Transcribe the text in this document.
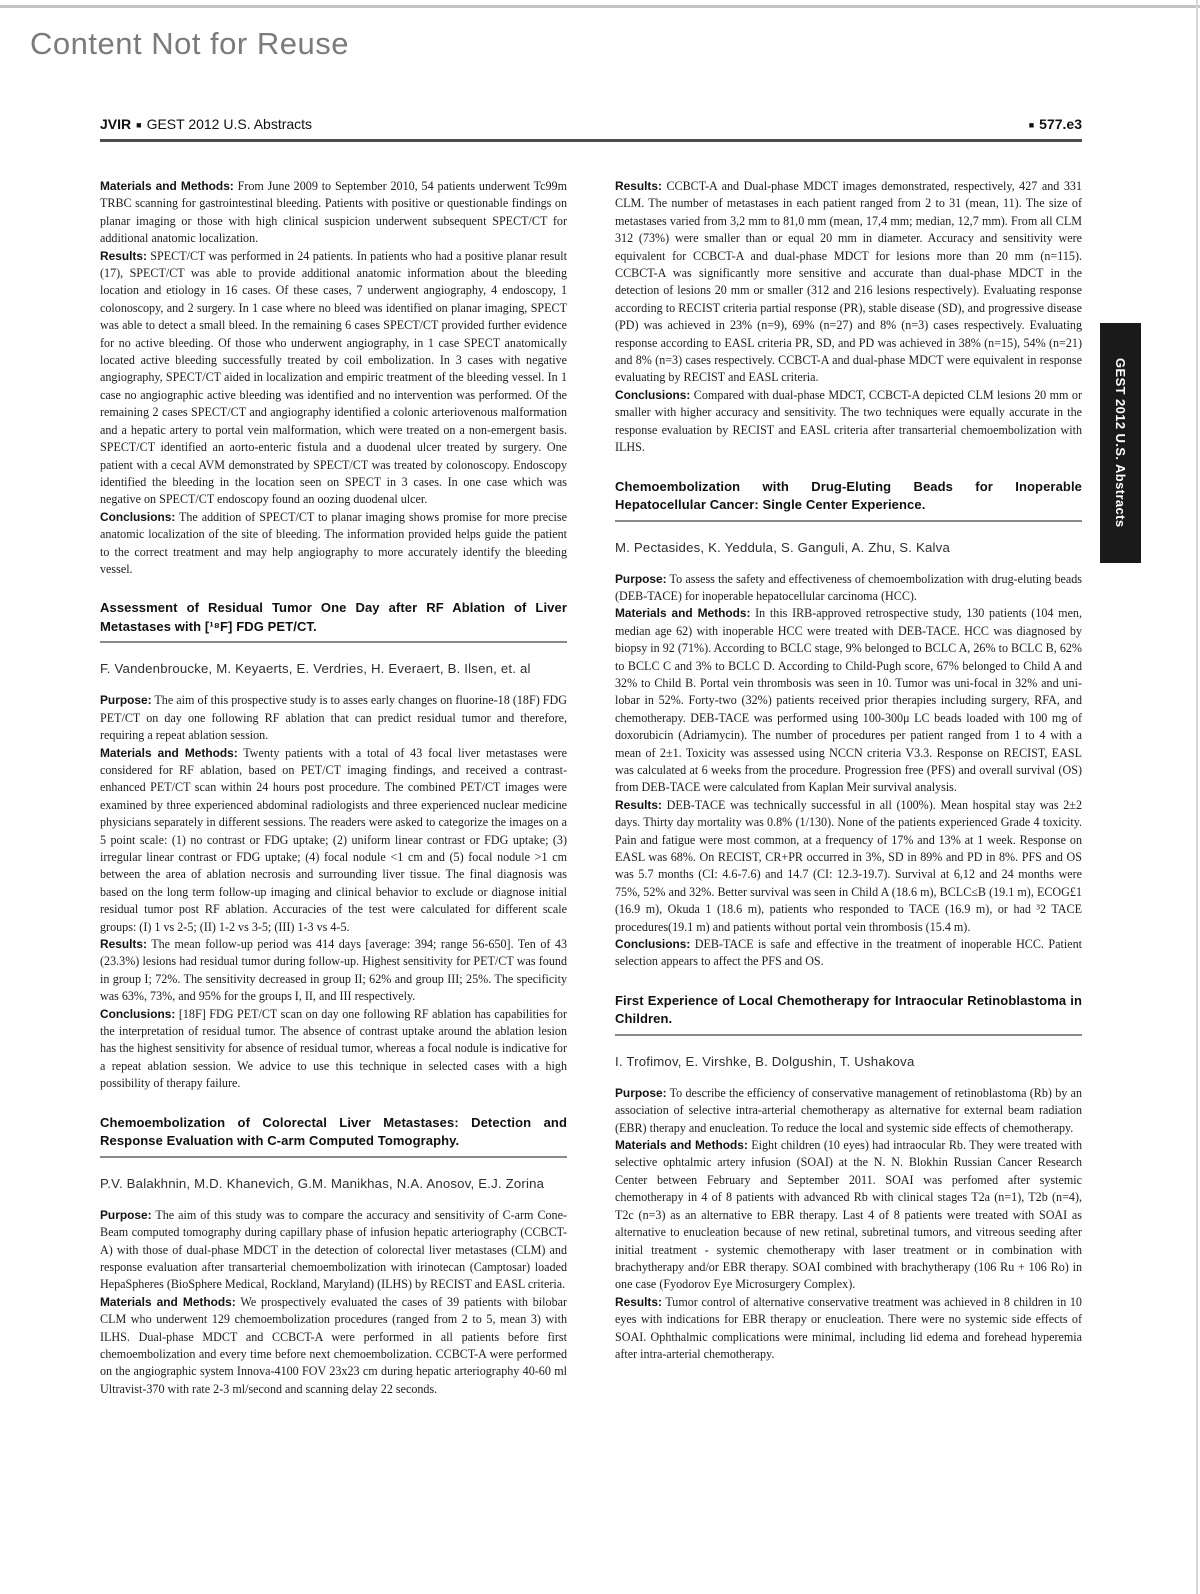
Content Not for Reuse
JVIR ■ GEST 2012 U.S. Abstracts	■ 577.e3

Materials and Methods: From June 2009 to September 2010, 54 patients underwent Tc99m TRBC scanning for gastrointestinal bleeding. Patients with positive or questionable findings on planar imaging or those with high clinical suspicion underwent subsequent SPECT/CT for additional anatomic localization.

Results: SPECT/CT was performed in 24 patients. In patients who had a positive planar result (17), SPECT/CT was able to provide additional anatomic information about the bleeding location and etiology in 16 cases. Of these cases, 7 underwent angiography, 4 endoscopy, 1 colonoscopy, and 2 surgery. In 1 case where no bleed was identified on planar imaging, SPECT was able to detect a small bleed. In the remaining 6 cases SPECT/CT provided further evidence for no active bleeding. Of those who underwent angiography, in 1 case SPECT anatomically located active bleeding successfully treated by coil embolization. In 3 cases with negative angiography, SPECT/CT aided in localization and empiric treatment of the bleeding vessel. In 1 case no angiographic active bleeding was identified and no intervention was performed. Of the remaining 2 cases SPECT/CT and angiography identified a colonic arteriovenous malformation and a hepatic artery to portal vein malformation, which were treated on a non-emergent basis. SPECT/CT identified an aorto-enteric fistula and a duodenal ulcer treated by surgery. One patient with a cecal AVM demonstrated by SPECT/CT was treated by colonoscopy. Endoscopy identified the bleeding in the location seen on SPECT in 3 cases. In one case which was negative on SPECT/CT endoscopy found an oozing duodenal ulcer.

Conclusions: The addition of SPECT/CT to planar imaging shows promise for more precise anatomic localization of the site of bleeding. The information provided helps guide the patient to the correct treatment and may help angiography to more accurately identify the bleeding vessel.

Assessment of Residual Tumor One Day after RF Ablation of Liver Metastases with [¹⁸F] FDG PET/CT.

F. Vandenbroucke, M. Keyaerts, E. Verdries, H. Everaert, B. Ilsen, et. al

Purpose: The aim of this prospective study is to asses early changes on fluorine-18 (18F) FDG PET/CT on day one following RF ablation that can predict residual tumor and therefore, requiring a repeat ablation session.

Materials and Methods: Twenty patients with a total of 43 focal liver metastases were considered for RF ablation, based on PET/CT imaging findings, and received a contrast-enhanced PET/CT scan within 24 hours post procedure. The combined PET/CT images were examined by three experienced abdominal radiologists and three experienced nuclear medicine physicians separately in different sessions. The readers were asked to categorize the images on a 5 point scale: (1) no contrast or FDG uptake; (2) uniform linear contrast or FDG uptake; (3) irregular linear contrast or FDG uptake; (4) focal nodule <1 cm and (5) focal nodule >1 cm between the area of ablation necrosis and surrounding liver tissue. The final diagnosis was based on the long term follow-up imaging and clinical behavior to exclude or diagnose initial residual tumor post RF ablation. Accuracies of the test were calculated for different scale groups: (I) 1 vs 2-5; (II) 1-2 vs 3-5; (III) 1-3 vs 4-5.

Results: The mean follow-up period was 414 days [average: 394; range 56-650]. Ten of 43 (23.3%) lesions had residual tumor during follow-up. Highest sensitivity for PET/CT was found in group I; 72%. The sensitivity decreased in group II; 62% and group III; 25%. The specificity was 63%, 73%, and 95% for the groups I, II, and III respectively.

Conclusions: [18F] FDG PET/CT scan on day one following RF ablation has capabilities for the interpretation of residual tumor. The absence of contrast uptake around the ablation lesion has the highest sensitivity for absence of residual tumor, whereas a focal nodule is indicative for a repeat ablation session. We advice to use this technique in selected cases with a high possibility of therapy failure.

Chemoembolization of Colorectal Liver Metastases: Detection and Response Evaluation with C-arm Computed Tomography.

P.V. Balakhnin, M.D. Khanevich, G.M. Manikhas, N.A. Anosov, E.J. Zorina

Purpose: The aim of this study was to compare the accuracy and sensitivity of C-arm Cone-Beam computed tomography during capillary phase of infusion hepatic arteriography (CCBCT-A) with those of dual-phase MDCT in the detection of colorectal liver metastases (CLM) and response evaluation after transarterial chemoembolization with irinotecan (Camptosar) loaded HepaSpheres (BioSphere Medical, Rockland, Maryland) (ILHS) by RECIST and EASL criteria.

Materials and Methods: We prospectively evaluated the cases of 39 patients with bilobar CLM who underwent 129 chemoembolization procedures (ranged from 2 to 5, mean 3) with ILHS. Dual-phase MDCT and CCBCT-A were performed in all patients before first chemoembolization and every time before next chemoembolization. CCBCT-A were performed on the angiographic system Innova-4100 FOV 23x23 cm during hepatic arteriography 40-60 ml Ultravist-370 with rate 2-3 ml/second and scanning delay 22 seconds.

Results: CCBCT-A and Dual-phase MDCT images demonstrated, respectively, 427 and 331 CLM. The number of metastases in each patient ranged from 2 to 31 (mean, 11). The size of metastases varied from 3,2 mm to 81,0 mm (mean, 17,4 mm; median, 12,7 mm). From all CLM 312 (73%) were smaller than or equal 20 mm in diameter. Accuracy and sensitivity were equivalent for CCBCT-A and dual-phase MDCT for lesions more than 20 mm (n=115). CCBCT-A was significantly more sensitive and accurate than dual-phase MDCT in the detection of lesions 20 mm or smaller (312 and 216 lesions respectively). Evaluating response according to RECIST criteria partial response (PR), stable disease (SD), and progressive disease (PD) was achieved in 23% (n=9), 69% (n=27) and 8% (n=3) cases respectively. Evaluating response according to EASL criteria PR, SD, and PD was achieved in 38% (n=15), 54% (n=21) and 8% (n=3) cases respectively. CCBCT-A and dual-phase MDCT were equivalent in response evaluating by RECIST and EASL criteria.

Conclusions: Compared with dual-phase MDCT, CCBCT-A depicted CLM lesions 20 mm or smaller with higher accuracy and sensitivity. The two techniques were equally accurate in the response evaluation by RECIST and EASL criteria after transarterial chemoembolization with ILHS.

Chemoembolization with Drug-Eluting Beads for Inoperable Hepatocellular Cancer: Single Center Experience.

M. Pectasides, K. Yeddula, S. Ganguli, A. Zhu, S. Kalva

Purpose: To assess the safety and effectiveness of chemoembolization with drug-eluting beads (DEB-TACE) for inoperable hepatocellular carcinoma (HCC).

Materials and Methods: In this IRB-approved retrospective study, 130 patients (104 men, median age 62) with inoperable HCC were treated with DEB-TACE. HCC was diagnosed by biopsy in 92 (71%). According to BCLC stage, 9% belonged to BCLC A, 26% to BCLC B, 62% to BCLC C and 3% to BCLC D. According to Child-Pugh score, 67% belonged to Child A and 32% to Child B. Portal vein thrombosis was seen in 10. Tumor was uni-focal in 32% and uni-lobar in 52%. Forty-two (32%) patients received prior therapies including surgery, RFA, and chemotherapy. DEB-TACE was performed using 100-300μ LC beads loaded with 100 mg of doxorubicin (Adriamycin). The number of procedures per patient ranged from 1 to 4 with a mean of 2±1. Toxicity was assessed using NCCN criteria V3.3. Response on RECIST, EASL was calculated at 6 weeks from the procedure. Progression free (PFS) and overall survival (OS) from DEB-TACE were calculated from Kaplan Meir survival analysis.

Results: DEB-TACE was technically successful in all (100%). Mean hospital stay was 2±2 days. Thirty day mortality was 0.8% (1/130). None of the patients experienced Grade 4 toxicity. Pain and fatigue were most common, at a frequency of 17% and 13% at 1 week. Response on EASL was 68%. On RECIST, CR+PR occurred in 3%, SD in 89% and PD in 8%. PFS and OS was 5.7 months (CI: 4.6-7.6) and 14.7 (CI: 12.3-19.7). Survival at 6,12 and 24 months were 75%, 52% and 32%. Better survival was seen in Child A (18.6 m), BCLC≤B (19.1 m), ECOG£1 (16.9 m), Okuda 1 (18.6 m), patients who responded to TACE (16.9 m), or had ³2 TACE procedures(19.1 m) and patients without portal vein thrombosis (15.4 m).

Conclusions: DEB-TACE is safe and effective in the treatment of inoperable HCC. Patient selection appears to affect the PFS and OS.

First Experience of Local Chemotherapy for Intraocular Retinoblastoma in Children.

I. Trofimov, E. Virshke, B. Dolgushin, T. Ushakova

Purpose: To describe the efficiency of conservative management of retinoblastoma (Rb) by an association of selective intra-arterial chemotherapy as alternative for external beam radiation (EBR) therapy and enucleation. To reduce the local and systemic side effects of chemotherapy.

Materials and Methods: Eight children (10 eyes) had intraocular Rb. They were treated with selective ophtalmic artery infusion (SOAI) at the N. N. Blokhin Russian Cancer Research Center between February and September 2011. SOAI was perfomed after systemic chemotherapy in 4 of 8 patients with advanced Rb with clinical stages T2a (n=1), T2b (n=4), T2c (n=3) as an alternative to EBR therapy. Last 4 of 8 patients were treated with SOAI as alternative to enucleation because of new retinal, subretinal tumors, and vitreous seeding after initial treatment - systemic chemotherapy with laser treatment or in combination with brachytherapy and/or EBR therapy. SOAI combined with brachytherapy (106 Ru + 106 Ro) in one case (Fyodorov Eye Microsurgery Complex).

Results: Tumor control of alternative conservative treatment was achieved in 8 children in 10 eyes with indications for EBR therapy or enucleation. There were no systemic side effects of SOAI. Ophthalmic complications were minimal, including lid edema and forehead hyperemia after intra-arterial chemotherapy.

GEST 2012 U.S. Abstracts
